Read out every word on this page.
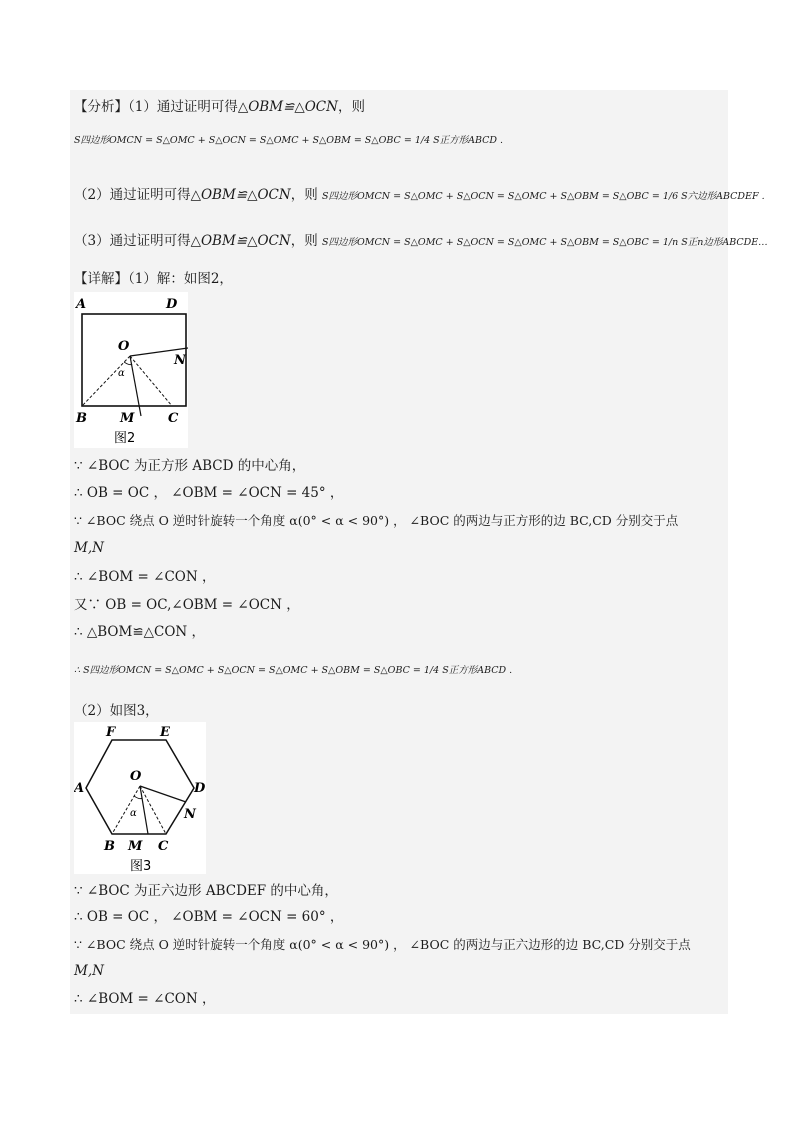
【分析】（1）通过证明可得△OBM≌△OCN，则
S四边形OMCN = S△OMC + S△OCN = S△OMC + S△OBM = S△OBC = 1/4 S正方形ABCD .
（2）通过证明可得△OBM≌△OCN，则 S四边形OMCN = S△OMC + S△OCN = S△OMC + S△OBM = S△OBC = 1/6 S六边形ABCDEF .
（3）通过证明可得△OBM≌△OCN，则 S四边形OMCN = S△OMC + S△OCN = S△OMC + S△OBM = S△OBC = 1/n S正n边形ABCDE…
【详解】（1）解：如图2，
A	D
O
N
α
B	M	C
图2
∵ ∠BOC 为正方形 ABCD 的中心角，
∴ OB = OC ， ∠OBM = ∠OCN = 45° ，
∵ ∠BOC 绕点 O 逆时针旋转一个角度 α(0° < α < 90°) ， ∠BOC 的两边与正方形的边 BC,CD 分别交于点
M,N
∴ ∠BOM = ∠CON ，
又∵ OB = OC,∠OBM = ∠OCN ，
∴ △BOM≌△CON ，
∴ S四边形OMCN = S△OMC + S△OCN = S△OMC + S△OBM = S△OBC = 1/4 S正方形ABCD .
（2）如图3，
F	E
A
O
D
α	N
B M C
图3
∵ ∠BOC 为正六边形 ABCDEF 的中心角，
∴ OB = OC ， ∠OBM = ∠OCN = 60° ，
∵ ∠BOC 绕点 O 逆时针旋转一个角度 α(0° < α < 90°) ， ∠BOC 的两边与正六边形的边 BC,CD 分别交于点
M,N
∴ ∠BOM = ∠CON ，
